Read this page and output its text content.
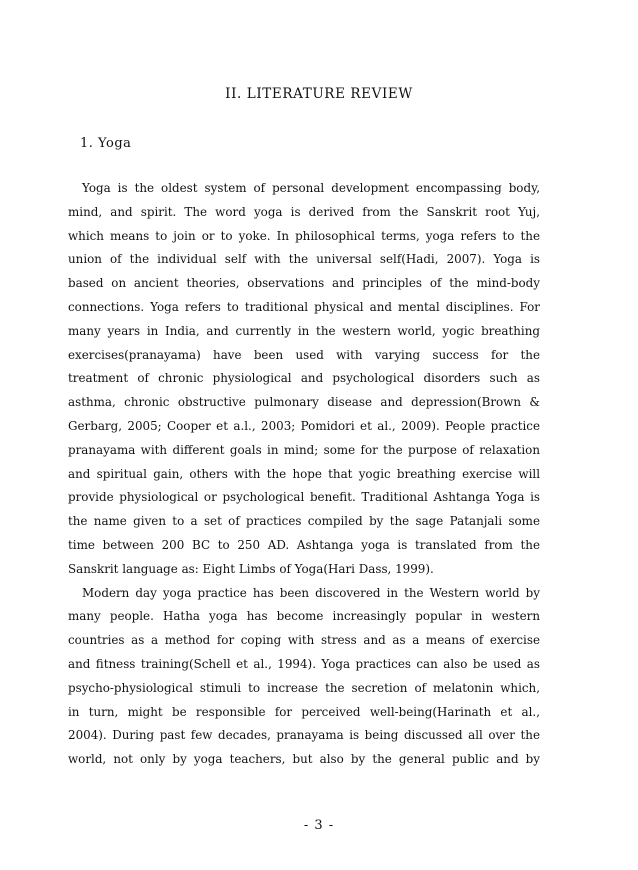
II. LITERATURE REVIEW
1. Yoga
Yoga is the oldest system of personal development encompassing body,
mind, and spirit. The word yoga is derived from the Sanskrit root Yuj,
which means to join or to yoke. In philosophical terms, yoga refers to the
union of the individual self with the universal self(Hadi, 2007). Yoga is
based on ancient theories, observations and principles of the mind-body
connections. Yoga refers to traditional physical and mental disciplines. For
many years in India, and currently in the western world, yogic breathing
exercises(pranayama) have been used with varying success for the
treatment of chronic physiological and psychological disorders such as
asthma, chronic obstructive pulmonary disease and depression(Brown &
Gerbarg, 2005; Cooper et a.l., 2003; Pomidori et al., 2009). People practice
pranayama with different goals in mind; some for the purpose of relaxation
and spiritual gain, others with the hope that yogic breathing exercise will
provide physiological or psychological benefit. Traditional Ashtanga Yoga is
the name given to a set of practices compiled by the sage Patanjali some
time between 200 BC to 250 AD. Ashtanga yoga is translated from the
Sanskrit language as: Eight Limbs of Yoga(Hari Dass, 1999).
Modern day yoga practice has been discovered in the Western world by
many people. Hatha yoga has become increasingly popular in western
countries as a method for coping with stress and as a means of exercise
and fitness training(Schell et al., 1994). Yoga practices can also be used as
psycho-physiological stimuli to increase the secretion of melatonin which,
in turn, might be responsible for perceived well-being(Harinath et al.,
2004). During past few decades, pranayama is being discussed all over the
world, not only by yoga teachers, but also by the general public and by
- 3 -
